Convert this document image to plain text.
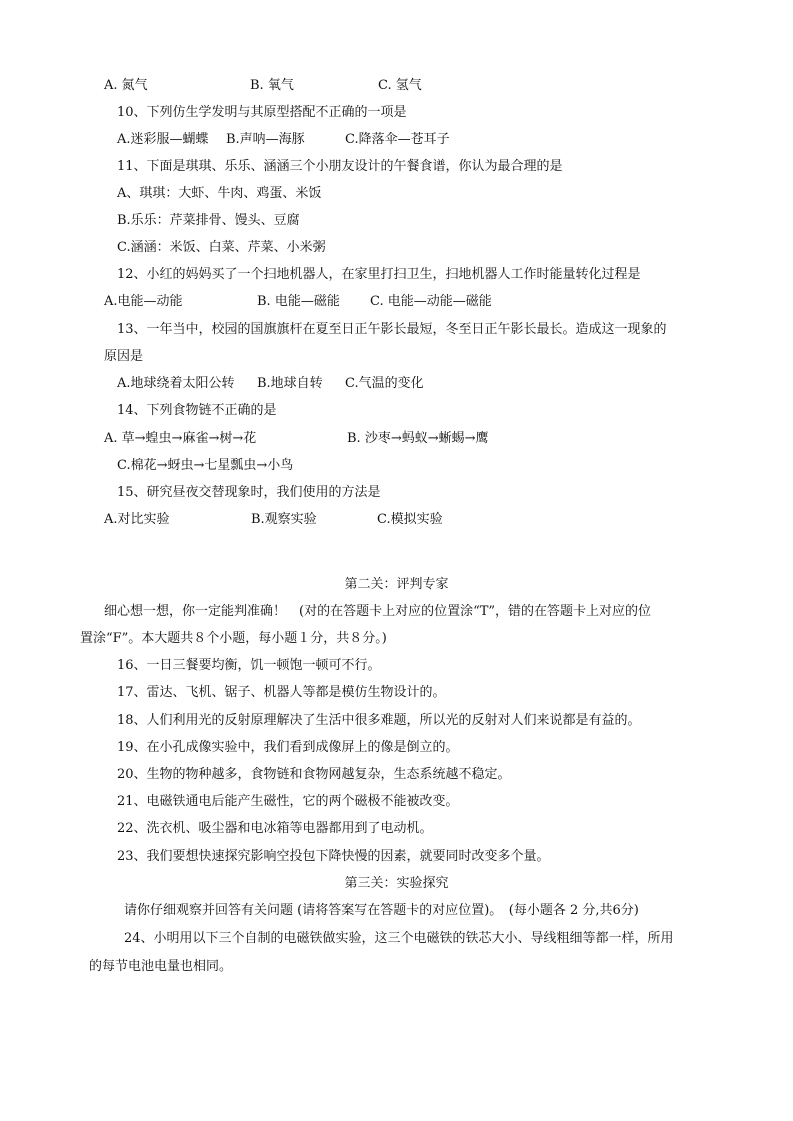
A. 氮气	B. 氧气	C. 氢气
10、下列仿生学发明与其原型搭配不正确的一项是
A.迷彩服—蝴蝶 B.声呐—海豚	C.降落伞—苍耳子
11、下面是琪琪、乐乐、涵涵三个小朋友设计的午餐食谱，你认为最合理的是
A、琪琪：大虾、牛肉、鸡蛋、米饭
B.乐乐：芹菜排骨、馒头、豆腐
C.涵涵：米饭、白菜、芹菜、小米粥
12、小红的妈妈买了一个扫地机器人，在家里打扫卫生，扫地机器人工作时能量转化过程是
A.电能—动能	B. 电能—磁能 C. 电能—动能—磁能
13、一年当中，校园的国旗旗杆在夏至日正午影长最短，冬至日正午影长最长。造成这一现象的
原因是
A.地球绕着太阳公转 B.地球自转 C.气温的变化
14、下列食物链不正确的是
A. 草→蝗虫→麻雀→树→花	B. 沙枣→蚂蚁→蜥蜴→鹰
C.棉花→蚜虫→七星瓢虫→小鸟
15、研究昼夜交替现象时，我们使用的方法是
A.对比实验	B.观察实验	C.模拟实验
第二关：评判专家
细心想一想，你一定能判准确！　(对的在答题卡上对应的位置涂“T”，错的在答题卡上对应的位
置涂“F”。本大题共８个小题，每小题１分，共８分。)
16、一日三餐要均衡，饥一顿饱一顿可不行。
17、雷达、飞机、锯子、机器人等都是模仿生物设计的。
18、人们利用光的反射原理解决了生活中很多难题，所以光的反射对人们来说都是有益的。
19、在小孔成像实验中，我们看到成像屏上的像是倒立的。
20、生物的物种越多，食物链和食物网越复杂，生态系统越不稳定。
21、电磁铁通电后能产生磁性，它的两个磁极不能被改变。
22、洗衣机、吸尘器和电冰箱等电器都用到了电动机。
23、我们要想快速探究影响空投包下降快慢的因素，就要同时改变多个量。
第三关：实验探究
请你仔细观察并回答有关问题 (请将答案写在答题卡的对应位置)。　(每小题各 2 分,共6分)
24、小明用以下三个自制的电磁铁做实验，这三个电磁铁的铁芯大小、导线粗细等都一样，所用
的每节电池电量也相同。
